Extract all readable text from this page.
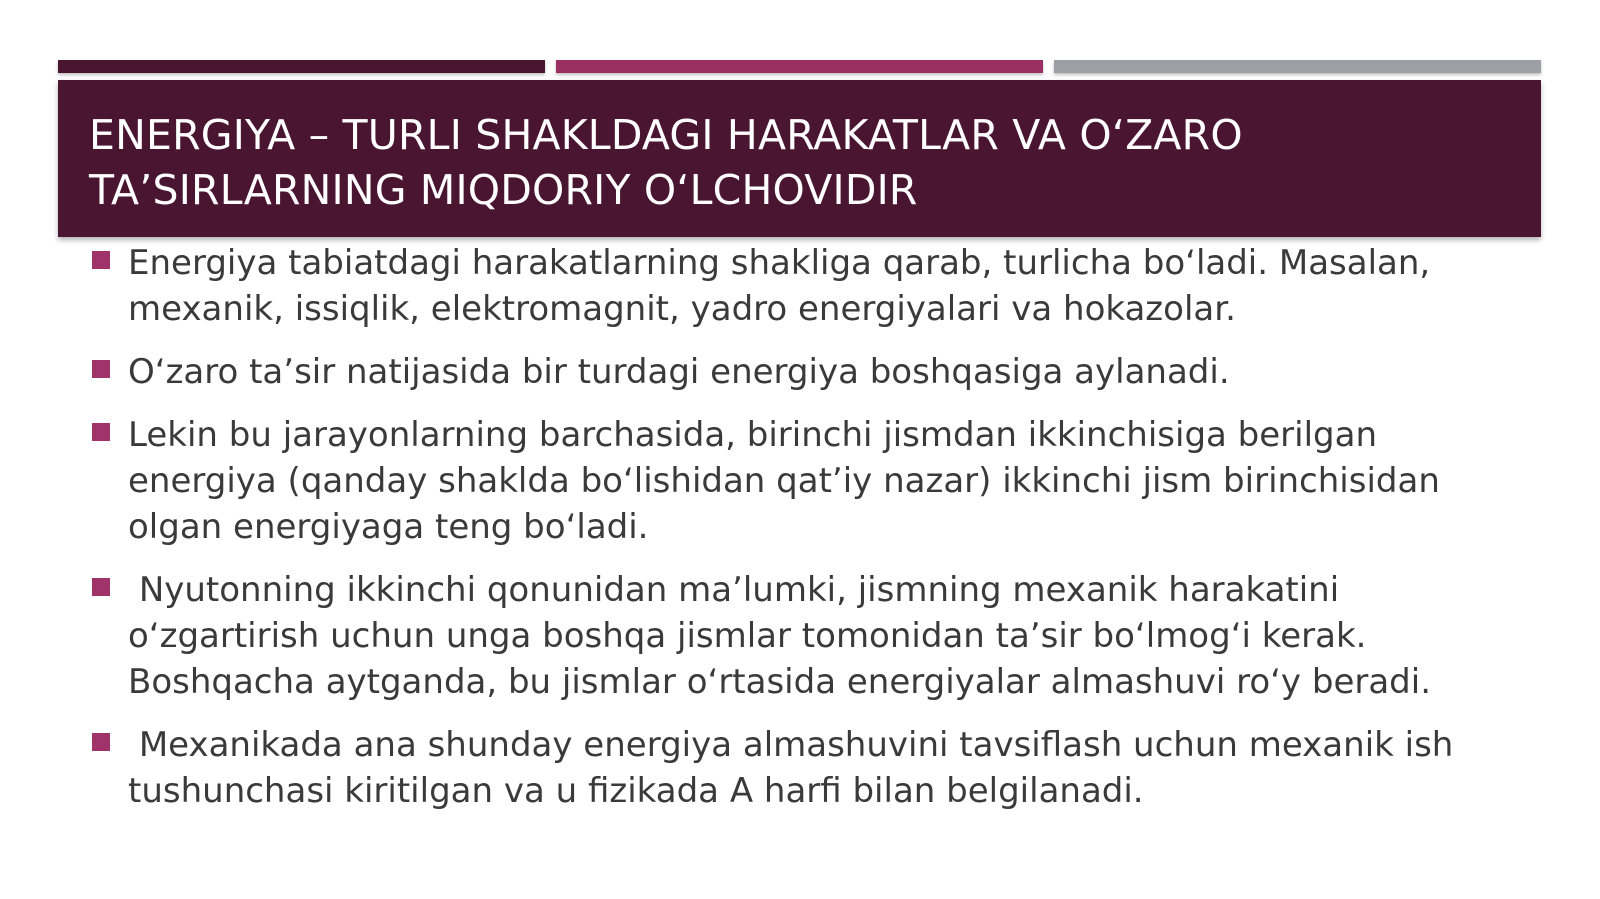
ENERGIYA – TURLI SHAKLDAGI HARAKATLAR VA O‘ZARO
TA’SIRLARNING MIQDORIY O‘LCHOVIDIR
Energiya tabiatdagi harakatlarning shakliga qarab, turlicha bo‘ladi. Masalan, mexanik, issiqlik, elektromagnit, yadro energiyalari va hokazolar.
O‘zaro ta’sir natijasida bir turdagi energiya boshqasiga aylanadi.
Lekin bu jarayonlarning barchasida, birinchi jismdan ikkinchisiga berilgan energiya (qanday shaklda bo‘lishidan qat’iy nazar) ikkinchi jism birinchisidan olgan energiyaga teng bo‘ladi.
Nyutonning ikkinchi qonunidan ma’lumki, jismning mexanik harakatini o‘zgartirish uchun unga boshqa jismlar tomonidan ta’sir bo‘lmog‘i kerak. Boshqacha aytganda, bu jismlar o‘rtasida energiyalar almashuvi ro‘y beradi.
Mexanikada ana shunday energiya almashuvini tavsiflash uchun mexanik ish tushunchasi kiritilgan va u fizikada A harfi bilan belgilanadi.
